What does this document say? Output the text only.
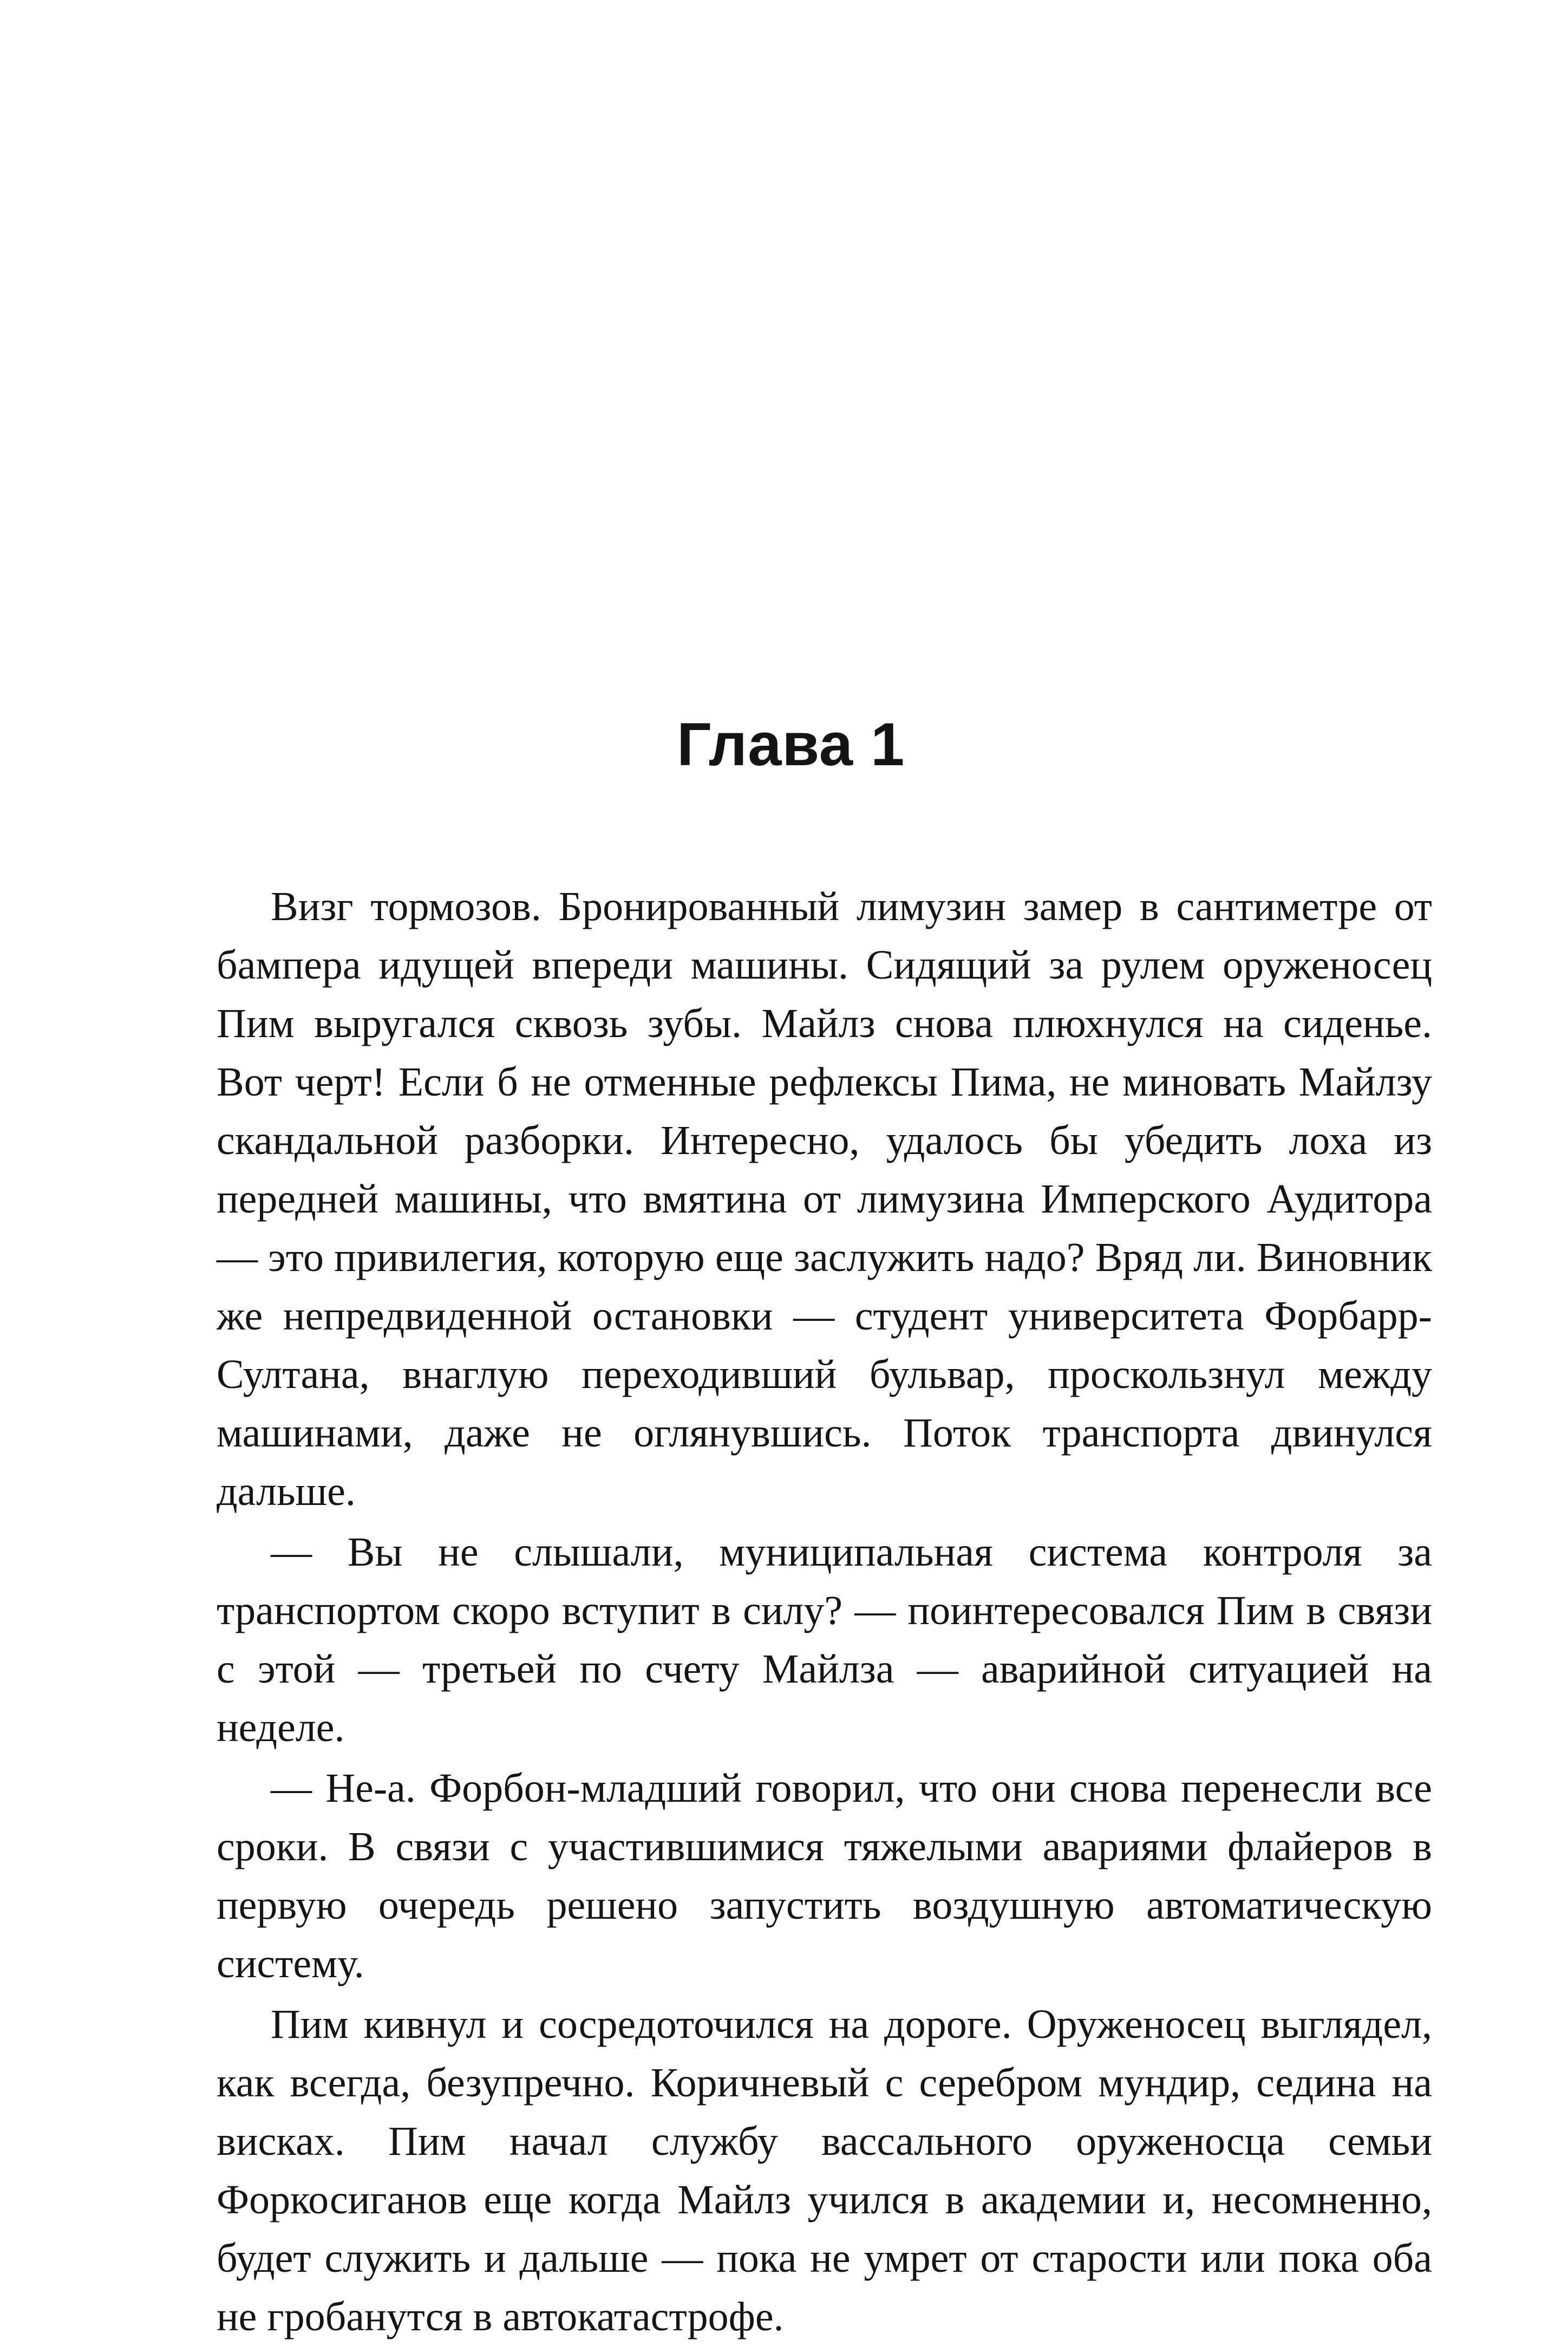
Глава 1

Визг тормозов. Бронированный лимузин замер в сантиметре от бампера идущей впереди машины. Сидящий за рулем оруженосец Пим выругался сквозь зубы. Майлз снова плюхнулся на сиденье. Вот черт! Если б не отменные рефлексы Пима, не миновать Майлзу скандальной разборки. Интересно, удалось бы убедить лоха из передней машины, что вмятина от лимузина Имперского Аудитора — это привилегия, которую еще заслужить надо? Вряд ли. Виновник же непредвиденной остановки — студент университета Форбарр-Султана, внаглую переходивший бульвар, проскользнул между машинами, даже не оглянувшись. Поток транспорта двинулся дальше.

— Вы не слышали, муниципальная система контроля за транспортом скоро вступит в силу? — поинтересовался Пим в связи с этой — третьей по счету Майлза — аварийной ситуацией на неделе.

— Не-а. Форбон-младший говорил, что они снова перенесли все сроки. В связи с участившимися тяжелыми авариями флайеров в первую очередь решено запустить воздушную автоматическую систему.

Пим кивнул и сосредоточился на дороге. Оруженосец выглядел, как всегда, безупречно. Коричневый с серебром мундир, седина на висках. Пим начал службу вассального оруженосца семьи Форкосиганов еще когда Майлз учился в академии и, несомненно, будет служить и дальше — пока не умрет от старости или пока оба не гробанутся в автокатастрофе.
